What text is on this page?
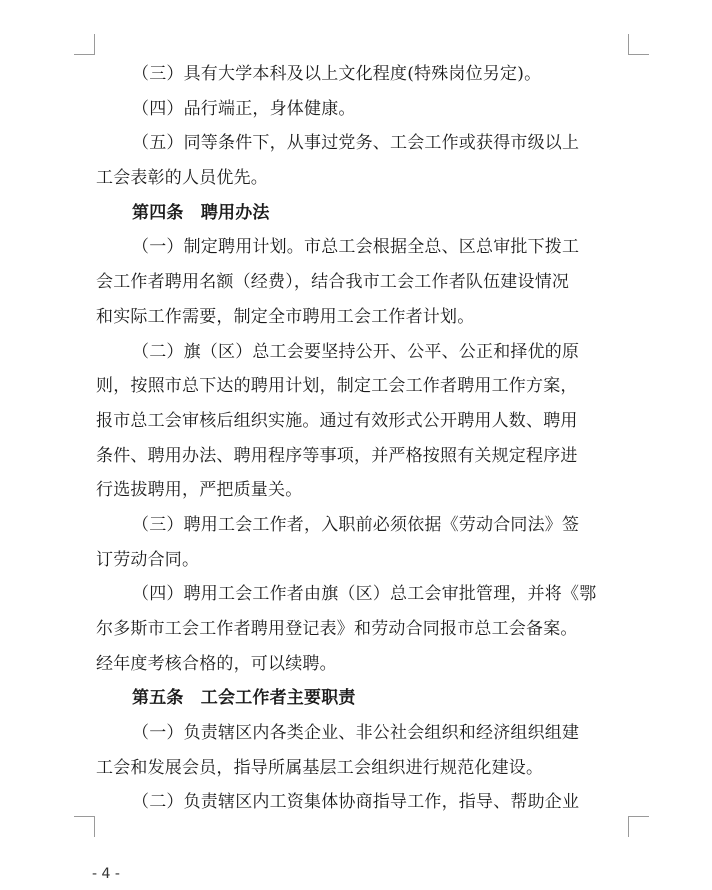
（三）具有大学本科及以上文化程度(特殊岗位另定)。
（四）品行端正，身体健康。
（五）同等条件下，从事过党务、工会工作或获得市级以上
工会表彰的人员优先。
第四条　聘用办法
（一）制定聘用计划。市总工会根据全总、区总审批下拨工
会工作者聘用名额（经费），结合我市工会工作者队伍建设情况
和实际工作需要，制定全市聘用工会工作者计划。
（二）旗（区）总工会要坚持公开、公平、公正和择优的原
则，按照市总下达的聘用计划，制定工会工作者聘用工作方案，
报市总工会审核后组织实施。通过有效形式公开聘用人数、聘用
条件、聘用办法、聘用程序等事项，并严格按照有关规定程序进
行选拔聘用，严把质量关。
（三）聘用工会工作者，入职前必须依据《劳动合同法》签
订劳动合同。
（四）聘用工会工作者由旗（区）总工会审批管理，并将《鄂
尔多斯市工会工作者聘用登记表》和劳动合同报市总工会备案。
经年度考核合格的，可以续聘。
第五条　工会工作者主要职责
（一）负责辖区内各类企业、非公社会组织和经济组织组建
工会和发展会员，指导所属基层工会组织进行规范化建设。
（二）负责辖区内工资集体协商指导工作，指导、帮助企业
- 4 -
